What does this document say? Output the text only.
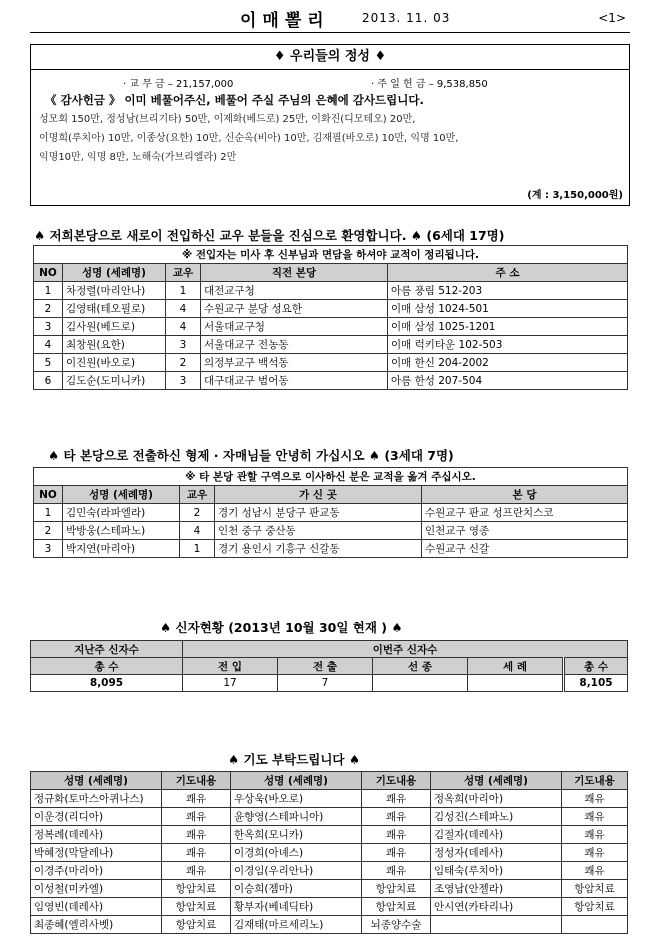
이매뽈리	2013. 11. 03	<1>
♦ 우리들의 정성 ♦
· 교 무 금 – 21,157,000	· 주 일 헌 금 – 9,538,850
《 감사헌금 》 이미 베풀어주신, 베풀어 주실 주님의 은혜에 감사드립니다.
성모회 150만, 정성남(브리기타) 50만, 이제화(베드로) 25만, 이화진(디모테오) 20만,
이명희(루치아) 10만, 이종상(요한) 10만, 신순옥(비아) 10만, 김재필(바오로) 10만, 익명 10만,
익명10만, 익명 8만, 노해숙(가브리엘라) 2만
(계 : 3,150,000원)
♠ 저희본당으로 새로이 전입하신 교우 분들을 진심으로 환영합니다. ♠ (6세대 17명)
※ 전입자는 미사 후 신부님과 면담을 하셔야 교적이 정리됩니다.				
NO	성명 (세례명)	교우	직전 본당	주 소
1	차정렬(마리안나)	1	대전교구청	아름 풍림 512-203
2	김영태(테오필로)	4	수원교구 분당 성요한	이매 삼성 1024-501
3	김사원(베드로)	4	서울대교구청	이매 삼성 1025-1201
4	최창원(요한)	3	서울대교구 전농동	이매 럭키타운 102-503
5	이진원(바오로)	2	의정부교구 백석동	이매 한신 204-2002
6	김도순(도미니카)	3	대구대교구 범어동	아름 한성 207-504
♠ 타 본당으로 전출하신 형제 · 자매님들 안녕히 가십시오 ♠ (3세대 7명)
※ 타 본당 관할 구역으로 이사하신 분은 교적을 옮겨 주십시오.				
NO	성명 (세례명)	교우	가 신 곳	본 당
1	김민숙(라파엘라)	2	경기 성남시 분당구 판교동	수원교구 판교 성프란치스코
2	박방웅(스테파노)	4	인천 중구 중산동	인천교구 영종
3	박지연(마리아)	1	경기 용인시 기흥구 신갈동	수원교구 신갈
♠ 신자현황 (2013년 10월 30일 현재 ) ♠
지난주 신자수	이번주 신자수				
총 수	전 입	전 출	선 종	세 례	총 수
8,095	17	7			8,105
♠ 기도 부탁드립니다 ♠
성명 (세례명)	기도내용	성명 (세례명)	기도내용	성명 (세례명)	기도내용
정규화(토마스아퀴나스)	쾌유	우상욱(바오로)	쾌유	정옥희(마리아)	쾌유
이운경(리디아)	쾌유	윤향영(스테파니아)	쾌유	김성진(스테파노)	쾌유
정복례(데레사)	쾌유	한옥희(모니카)	쾌유	김절자(데레사)	쾌유
박혜정(막달레나)	쾌유	이경희(아녜스)	쾌유	정성자(데레사)	쾌유
이경주(마리아)	쾌유	이경임(우리안나)	쾌유	임태숙(루치아)	쾌유
이성철(미카엘)	항암치료	이승희(젬마)	항암치료	조영남(안젤라)	항암치료
임영빈(데레사)	항암치료	황부자(베네딕타)	항암치료	안시연(카타리나)	항암치료
최종혜(엘리사벳)	항암치료	김재태(마르세리노)	뇌종양수술		
